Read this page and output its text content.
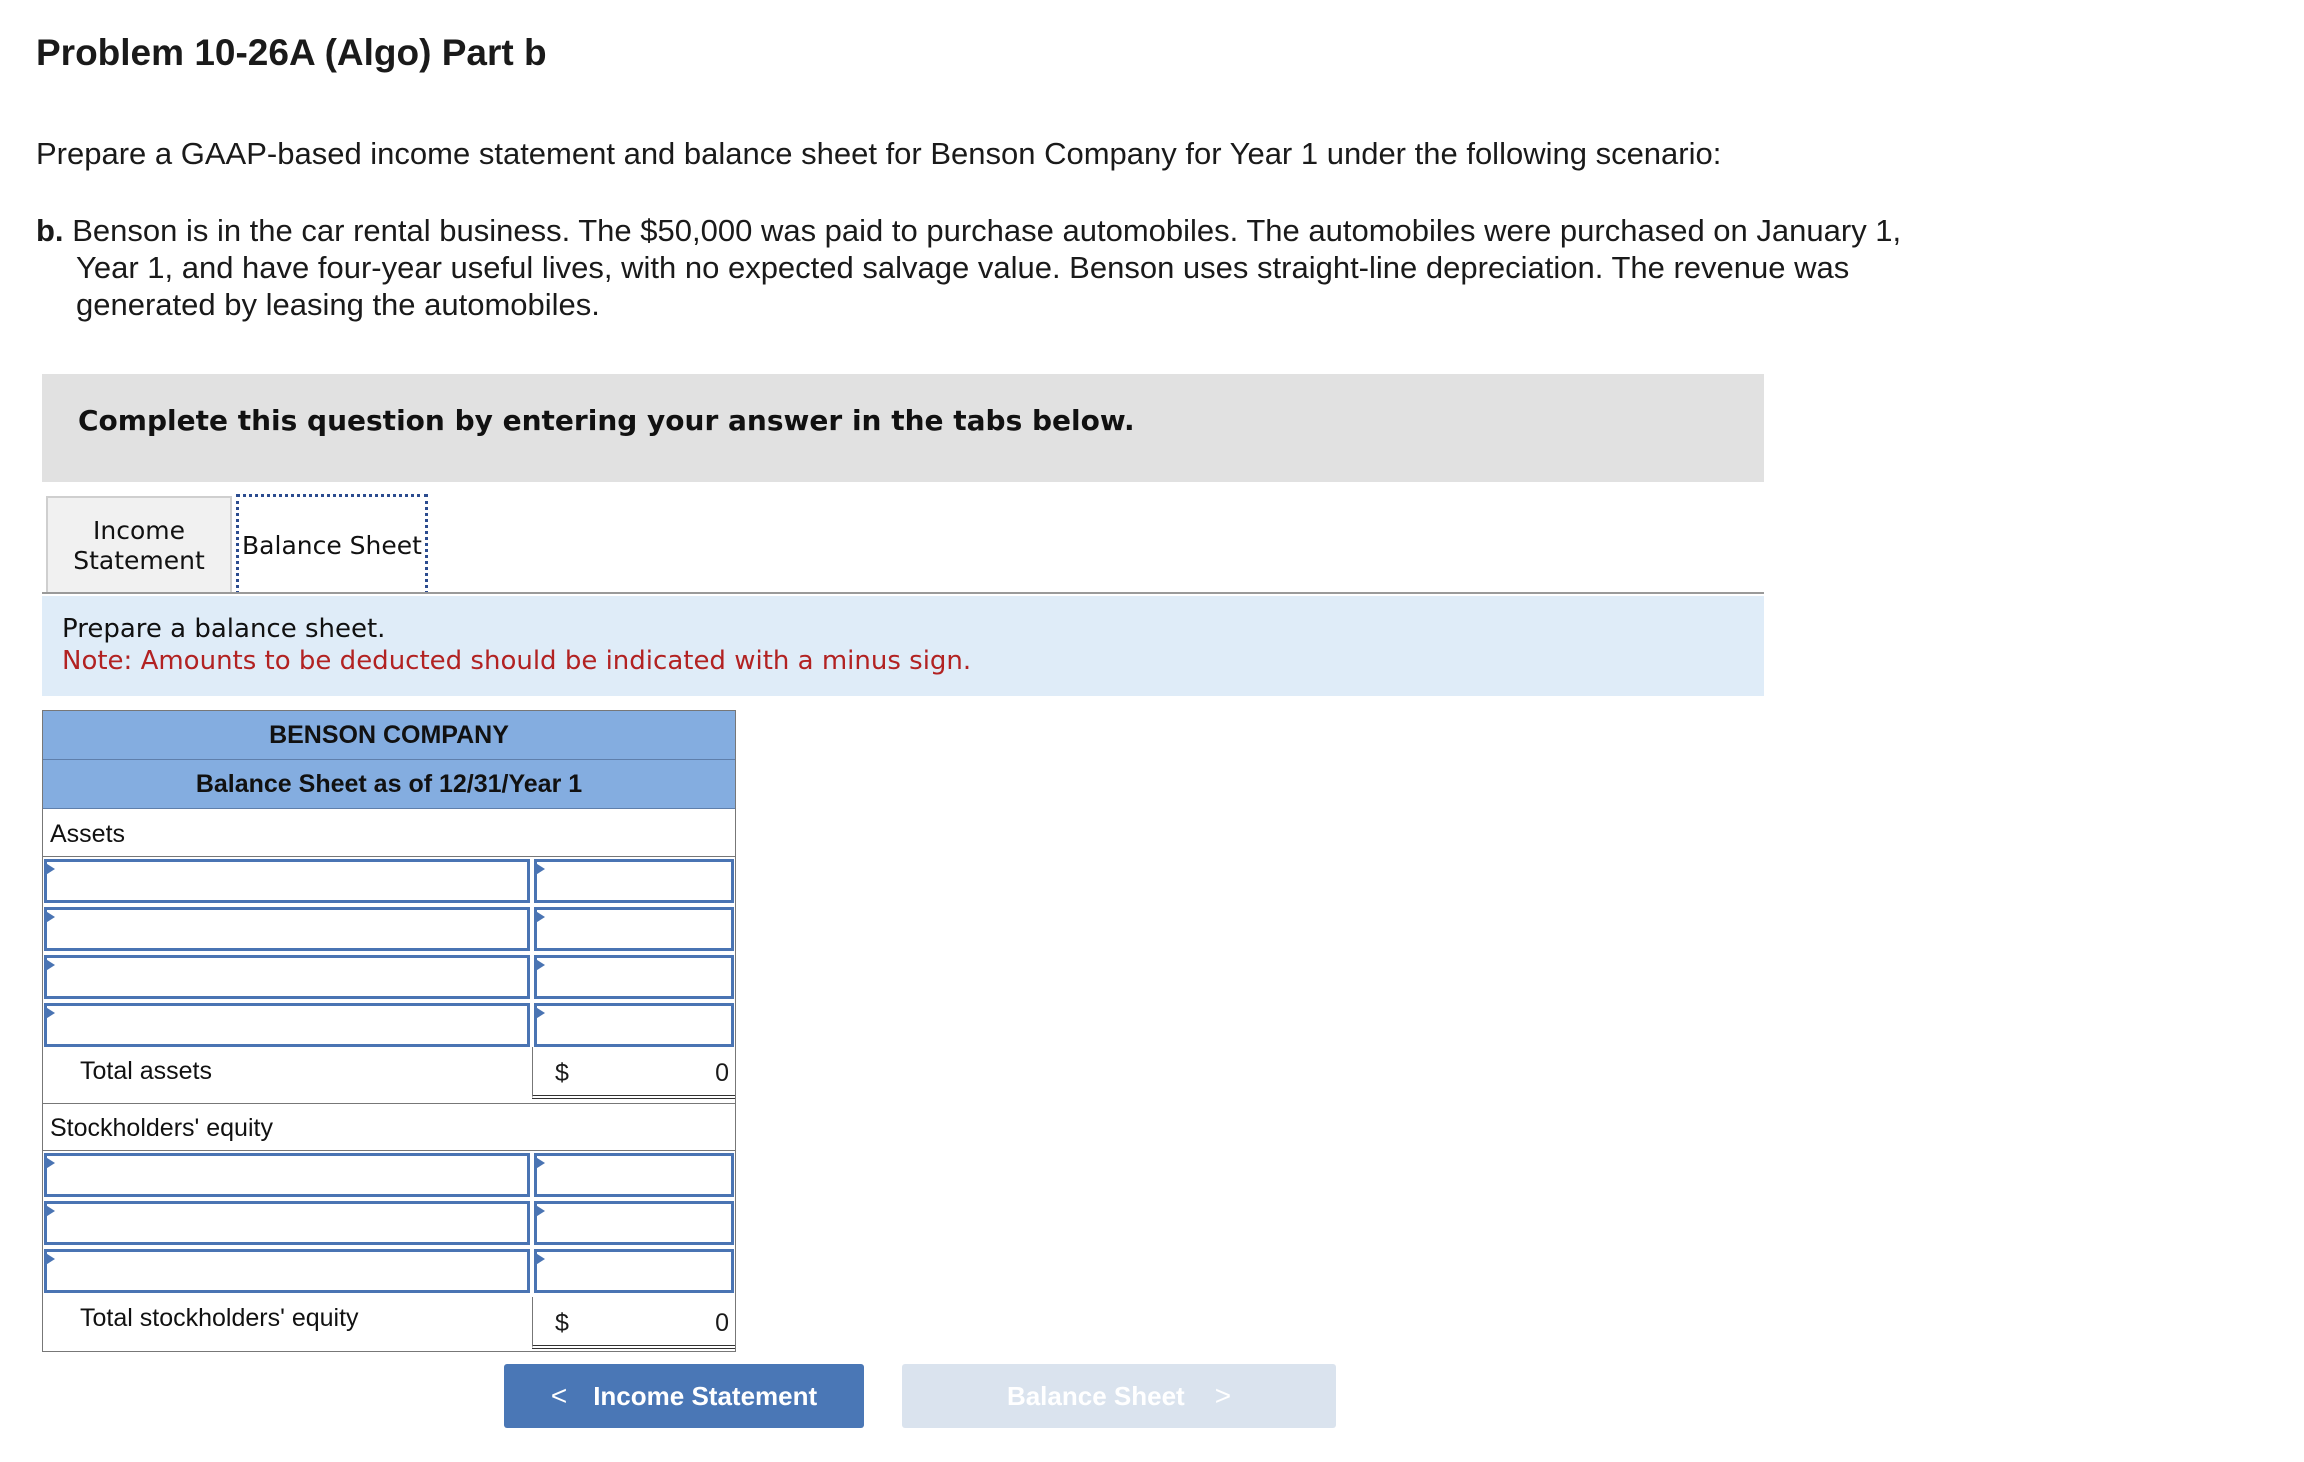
Problem 10-26A (Algo) Part b

Prepare a GAAP-based income statement and balance sheet for Benson Company for Year 1 under the following scenario:

b. Benson is in the car rental business. The $50,000 was paid to purchase automobiles. The automobiles were purchased on January 1, Year 1, and have four-year useful lives, with no expected salvage value. Benson uses straight-line depreciation. The revenue was generated by leasing the automobiles.
Complete this question by entering your answer in the tabs below.
Income Statement
Balance Sheet
Prepare a balance sheet.
Note: Amounts to be deducted should be indicated with a minus sign.
BENSON COMPANY
Balance Sheet as of 12/31/Year 1
Assets
Total assets	$	0
Stockholders' equity
Total stockholders' equity	$	0
< Income Statement	Balance Sheet >
